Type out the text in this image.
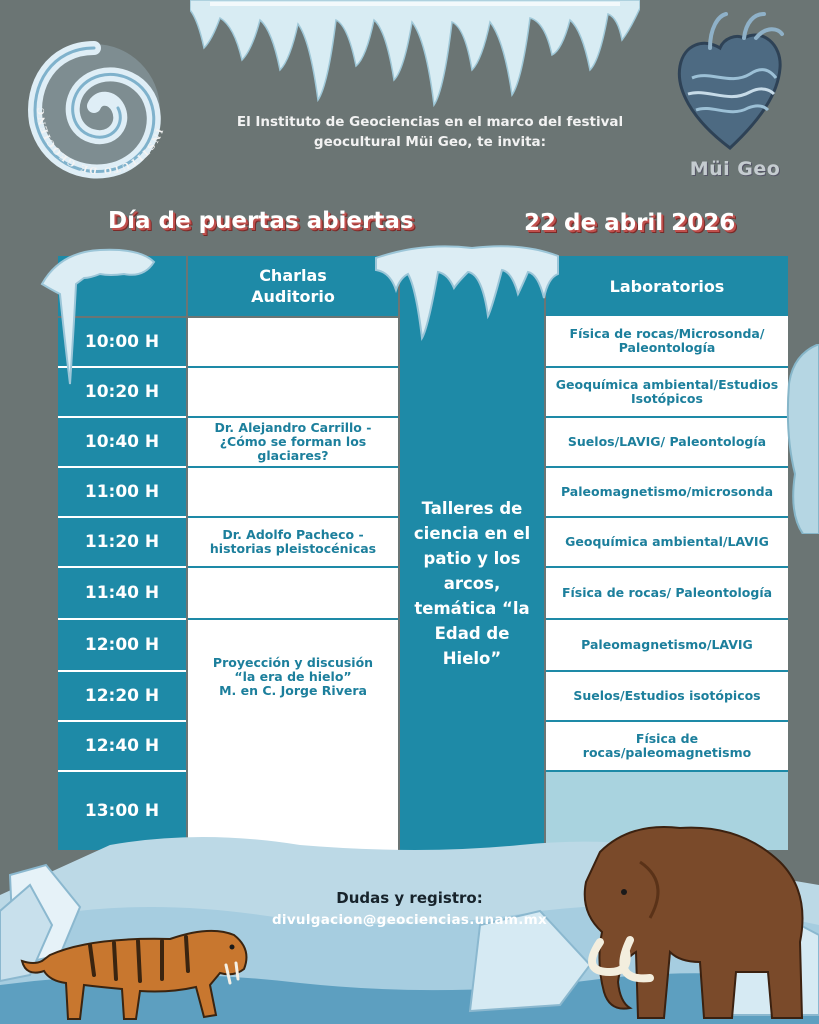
INSTITUTO DE GEOCIENC
Müi Geo
El Instituto de Geociencias en el marco del festival
geocultural Müi Geo, te invita:
Día de puertas abiertas	22 de abril 2026
Charlas
Auditorio
Laboratorios
10:00 H
10:20 H
10:40 H
11:00 H
11:20 H
11:40 H
12:00 H
12:20 H
12:40 H
13:00 H
Dr. Alejandro Carrillo - ¿Cómo se forman los glaciares?
Dr. Adolfo Pacheco - historias pleistocénicas
Proyección y discusión
“la era de hielo”
M. en C. Jorge Rivera
Talleres de ciencia en el patio y los arcos, temática “la Edad de Hielo”
Física de rocas/Microsonda/ Paleontología
Geoquímica ambiental/Estudios Isotópicos
Suelos/LAVIG/ Paleontología
Paleomagnetismo/microsonda
Geoquímica ambiental/LAVIG
Física de rocas/ Paleontología
Paleomagnetismo/LAVIG
Suelos/Estudios isotópicos
Física de rocas/paleomagnetismo
Dudas y registro:
divulgacion@geociencias.unam.mx
